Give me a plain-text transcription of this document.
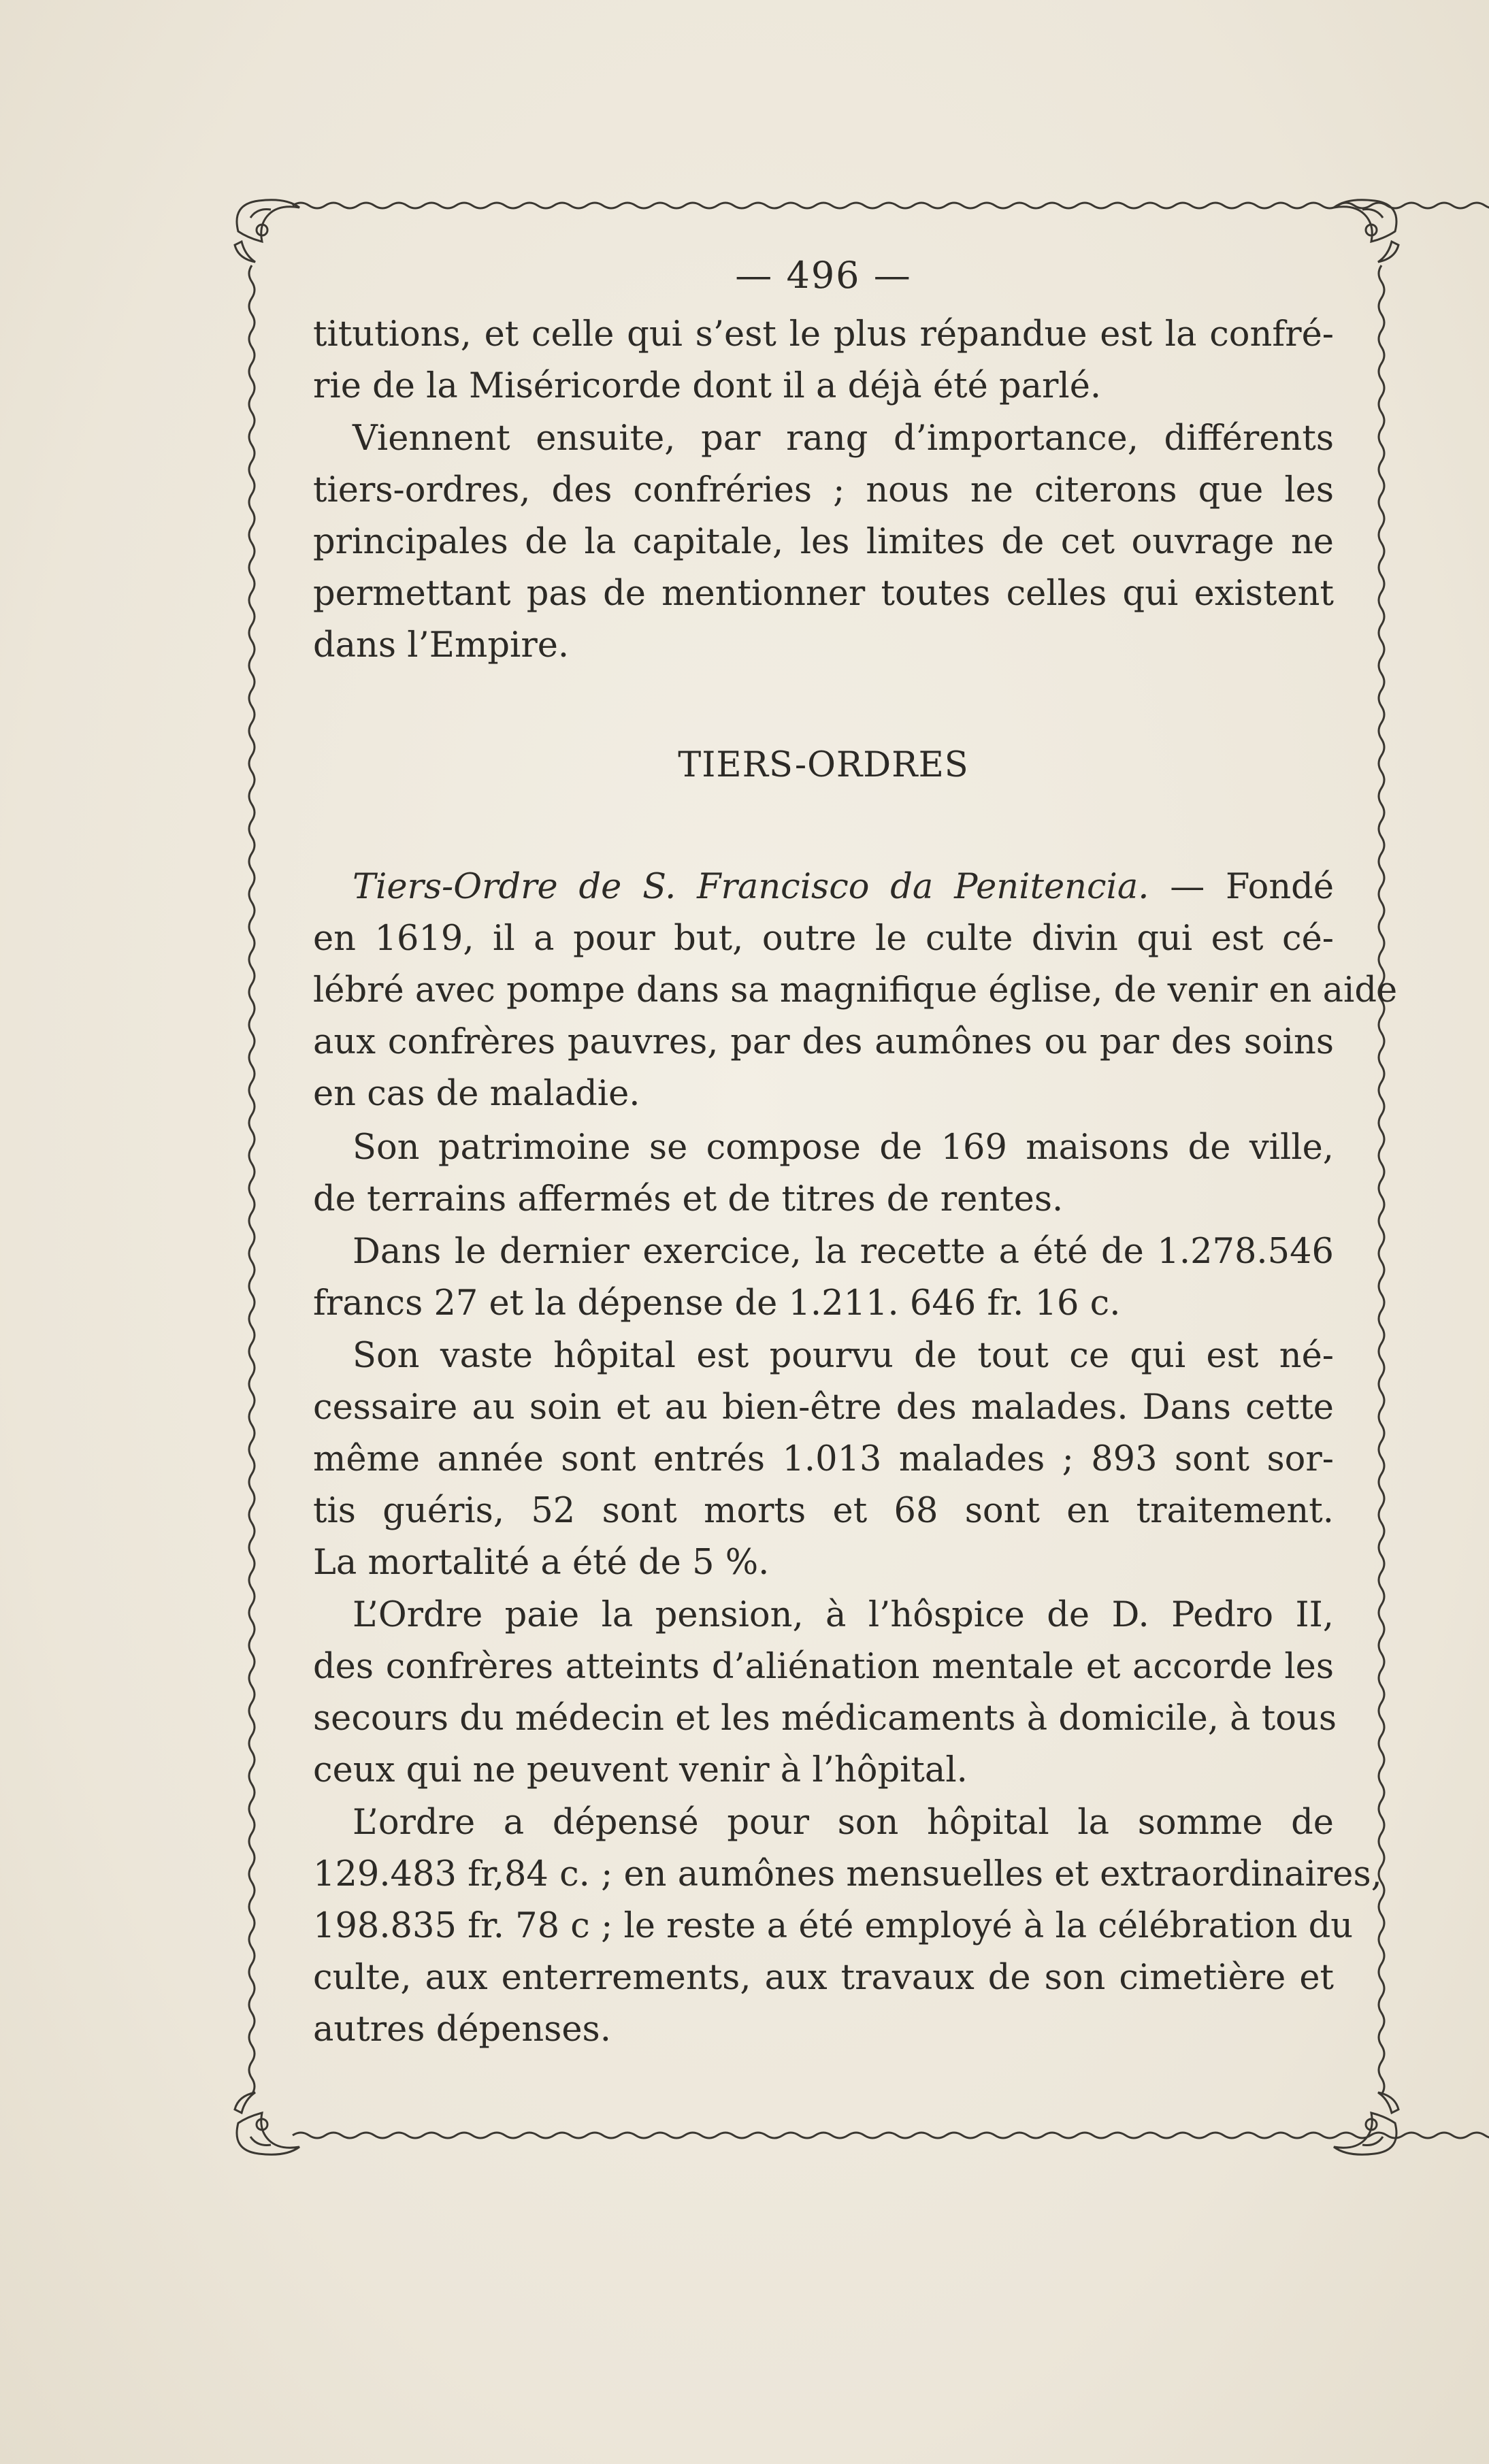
— 496 —
titutions, et celle qui s’est le plus répandue est la confré-
rie de la Miséricorde dont il a déjà été parlé.
Viennent ensuite, par rang d’importance, différents
tiers-ordres, des confréries ; nous ne citerons que les
principales de la capitale, les limites de cet ouvrage ne
permettant pas de mentionner toutes celles qui existent
dans l’Empire.
TIERS-ORDRES
Tiers-Ordre de S. Francisco da Penitencia. — Fondé
en 1619, il a pour but, outre le culte divin qui est cé-
lébré avec pompe dans sa magnifique église, de venir en aide
aux confrères pauvres, par des aumônes ou par des soins
en cas de maladie.
Son patrimoine se compose de 169 maisons de ville,
de terrains affermés et de titres de rentes.
Dans le dernier exercice, la recette a été de 1.278.546
francs 27 et la dépense de 1.211. 646 fr. 16 c.
Son vaste hôpital est pourvu de tout ce qui est né-
cessaire au soin et au bien-être des malades. Dans cette
même année sont entrés 1.013 malades ; 893 sont sor-
tis guéris, 52 sont morts et 68 sont en traitement.
La mortalité a été de 5 %.
L’Ordre paie la pension, à l’hôspice de D. Pedro II,
des confrères atteints d’aliénation mentale et accorde les
secours du médecin et les médicaments à domicile, à tous
ceux qui ne peuvent venir à l’hôpital.
L’ordre a dépensé pour son hôpital la somme de
129.483 fr,84 c. ; en aumônes mensuelles et extraordinaires,
198.835 fr. 78 c ; le reste a été employé à la célébration du
culte, aux enterrements, aux travaux de son cimetière et
autres dépenses.
